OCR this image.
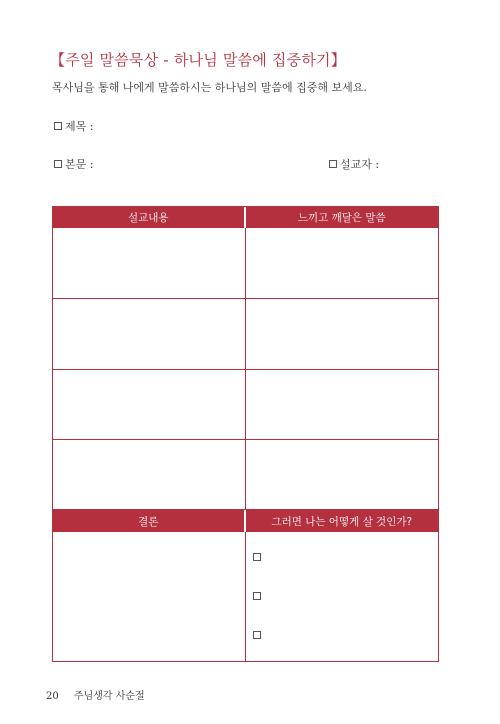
【주일 말씀묵상 - 하나님 말씀에 집중하기】
목사님을 통해 나에게 말씀하시는 하나님의 말씀에 집중해 보세요.
제목 :
본문 :	설교자 :
설교내용	느끼고 깨달은 말씀
결론	그러면 나는 어떻게 살 것인가?
20 주님생각 사순절
